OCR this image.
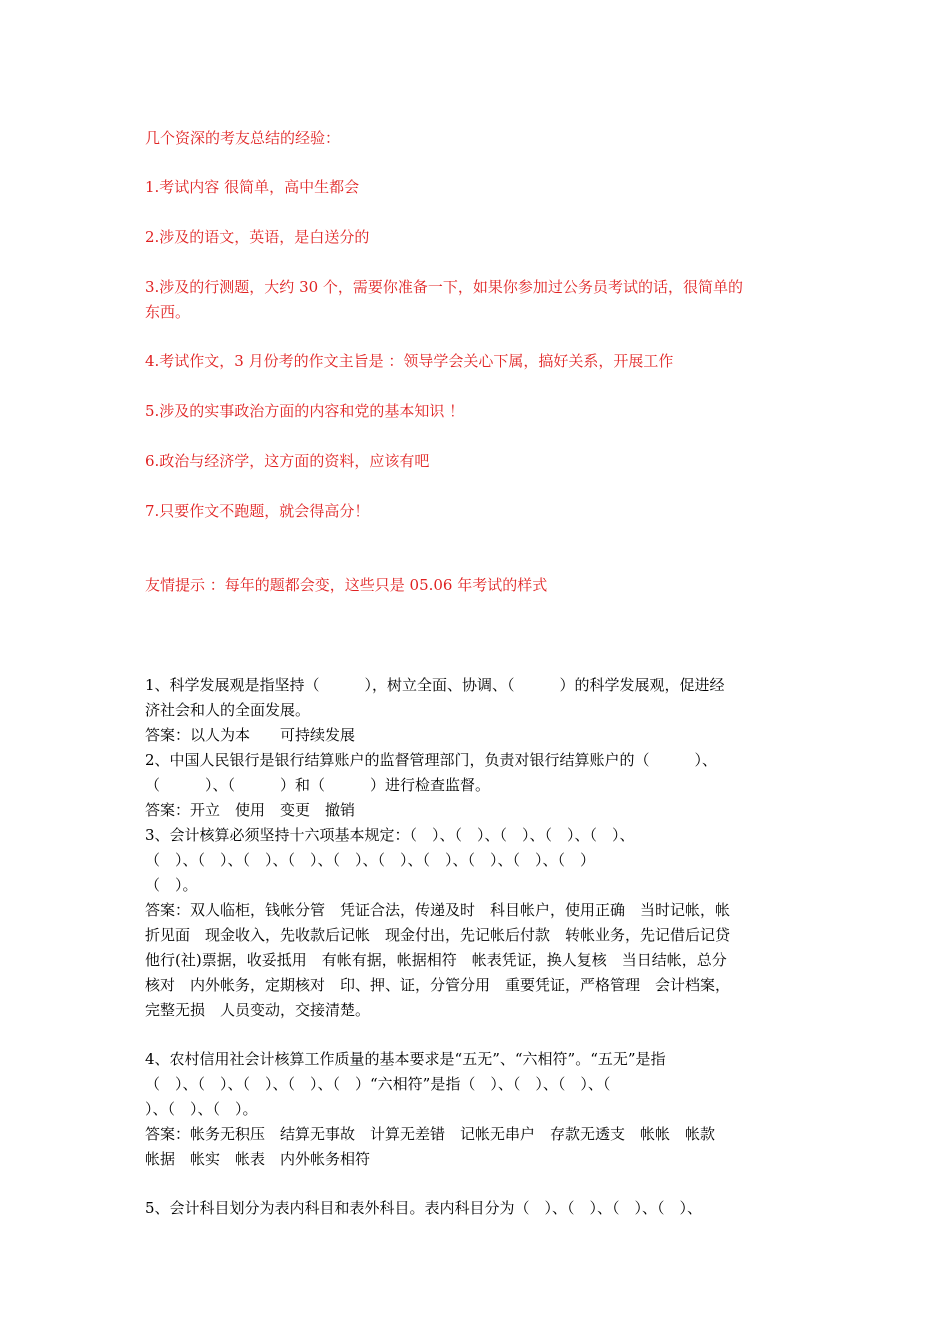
几个资深的考友总结的经验：
1.考试内容 很简单，高中生都会
2.涉及的语文，英语，是白送分的
3.涉及的行测题，大约 30 个，需要你准备一下，如果你参加过公务员考试的话，很简单的
东西。
4.考试作文，3 月份考的作文主旨是 ：领导学会关心下属，搞好关系，开展工作
5.涉及的实事政治方面的内容和党的基本知识 ！
6.政治与经济学，这方面的资料，应该有吧
7.只要作文不跑题，就会得高分！
友情提示 ：每年的题都会变，这些只是 05.06 年考试的样式
1、科学发展观是指坚持（　　　），树立全面、协调、（　　　）的科学发展观，促进经
济社会和人的全面发展。
答案：以人为本　　可持续发展
2、中国人民银行是银行结算账户的监督管理部门，负责对银行结算账户的（　　　）、
（　　　）、（　　　）和（　　　）进行检查监督。
答案：开立　使用　变更　撤销
3、会计核算必须坚持十六项基本规定：（　）、（　）、（　）、（　）、（　）、
（　）、（　）、（　）、（　）、（　）、（　）、（　）、（　）、（　）、（　）
（　）。
答案：双人临柜，钱帐分管　凭证合法，传递及时　科目帐户，使用正确　当时记帐，帐
折见面　现金收入，先收款后记帐　现金付出，先记帐后付款　转帐业务，先记借后记贷
他行(社)票据，收妥抵用　有帐有据，帐据相符　帐表凭证，换人复核　当日结帐，总分
核对　内外帐务，定期核对　印、押、证，分管分用　重要凭证，严格管理　会计档案，
完整无损　人员变动，交接清楚。
4、农村信用社会计核算工作质量的基本要求是“五无”、“六相符”。“五无”是指
（　）、（　）、（　）、（　）、（　）“六相符”是指（　）、（　）、（　）、（
）、（　）、（　）。
答案：帐务无积压　结算无事故　计算无差错　记帐无串户　存款无透支　帐帐　帐款
帐据　帐实　帐表　内外帐务相符
5、会计科目划分为表内科目和表外科目。表内科目分为（　）、（　）、（　）、（　）、
